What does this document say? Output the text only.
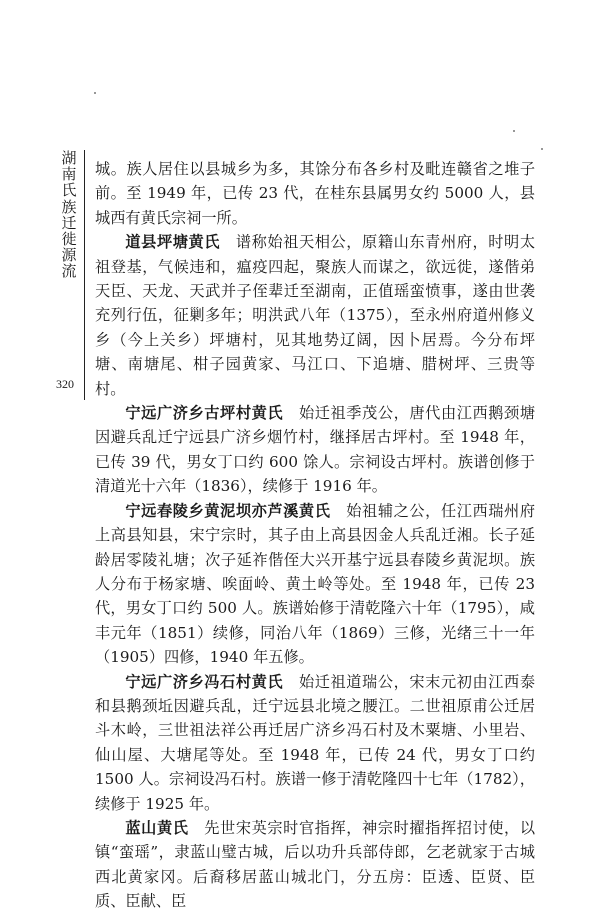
湖
南
氏
族
迁
徙
源
流
320

城。族人居住以县城乡为多，其馀分布各乡村及毗连赣省之堆子前。至 1949 年，已传 23 代，在桂东县属男女约 5000 人，县城西有黄氏宗祠一所。

道县坪塘黄氏　 谱称始祖天相公，原籍山东青州府，时明太祖登基，气候违和，瘟疫四起，聚族人而谋之，欲远徙，遂偕弟天臣、天龙、天武并子侄辈迁至湖南，正值瑶蛮愤事，遂由世袭充列行伍，征剿多年；明洪武八年（1375），至永州府道州修义乡（今上关乡）坪塘村，见其地势辽阔，因卜居焉。今分布坪塘、南塘尾、柑子园黄家、马江口、下追塘、腊树坪、三贵等村。

宁远广济乡古坪村黄氏　 始迁祖季茂公，唐代由江西鹅颈塘因避兵乱迁宁远县广济乡烟竹村，继择居古坪村。至 1948 年，已传 39 代，男女丁口约 600 馀人。宗祠设古坪村。族谱创修于清道光十六年（1836），续修于 1916 年。

宁远春陵乡黄泥坝亦芦溪黄氏　 始祖辅之公，任江西瑞州府上高县知县，宋宁宗时，其子由上高县因金人兵乱迁湘。长子延龄居零陵礼塘；次子延祚偕侄大兴开基宁远县春陵乡黄泥坝。族人分布于杨家塘、唉面岭、黄土岭等处。至 1948 年，已传 23 代，男女丁口约 500 人。族谱始修于清乾隆六十年（1795），咸丰元年（1851）续修，同治八年（1869）三修，光绪三十一年（1905）四修，1940 年五修。

宁远广济乡冯石村黄氏　 始迁祖道瑞公，宋末元初由江西泰和县鹅颈坵因避兵乱，迁宁远县北境之腰江。二世祖原甫公迁居斗木岭，三世祖法祥公再迁居广济乡冯石村及木粟塘、小里岩、仙山屋、大塘尾等处。至 1948 年，已传 24 代，男女丁口约 1500 人。宗祠设冯石村。族谱一修于清乾隆四十七年（1782），续修于 1925 年。

蓝山黄氏　 先世宋英宗时官指挥，神宗时擢指挥招讨使，以镇“蛮瑶”，隶蓝山璧古城，后以功升兵部侍郎，乞老就家于古城西北黄家冈。后裔移居蓝山城北门，分五房：臣透、臣贤、臣质、臣献、臣
